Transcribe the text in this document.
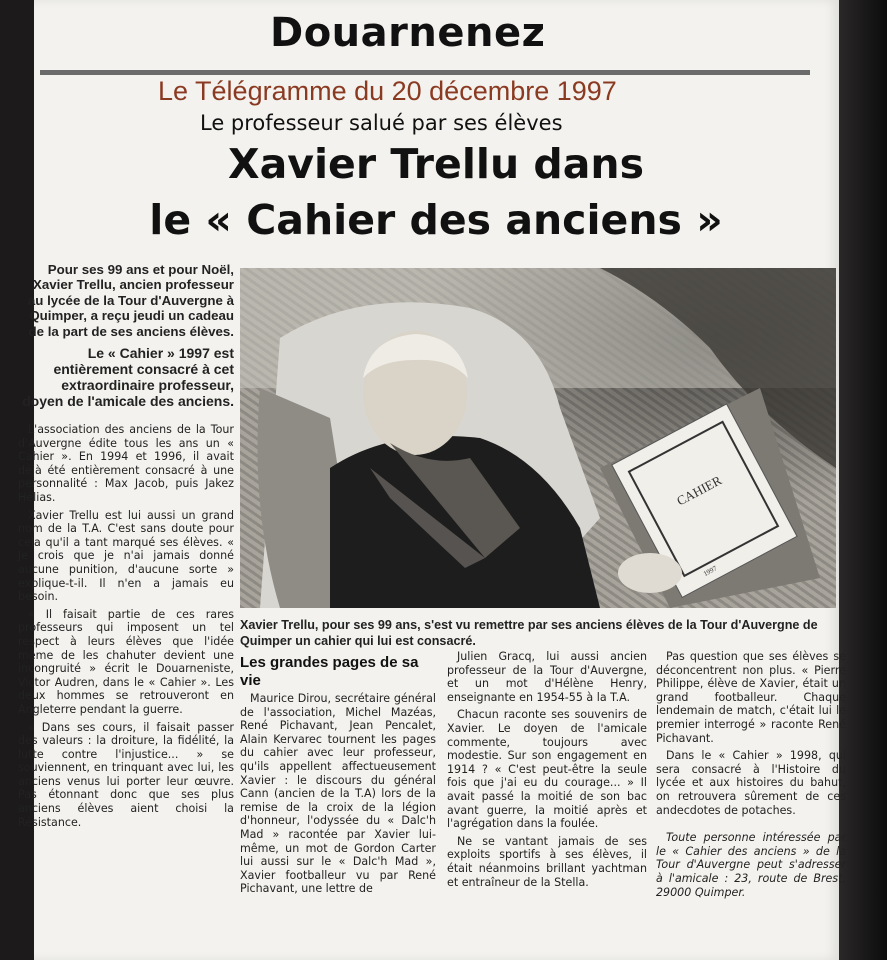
Douarnenez
Le Télégramme du 20 décembre 1997
Le professeur salué par ses élèves
Xavier Trellu dans
le « Cahier des anciens »

Pour ses 99 ans et pour Noël, Xavier Trellu, ancien professeur au lycée de la Tour d'Auvergne à Quimper, a reçu jeudi un cadeau de la part de ses anciens élèves.

Le « Cahier » 1997 est entièrement consacré à cet extraordinaire professeur, doyen de l'amicale des anciens.

L'association des anciens de la Tour d'Auvergne édite tous les ans un « Cahier ». En 1994 et 1996, il avait déjà été entièrement consacré à une personnalité : Max Jacob, puis Jakez Hélias.

Xavier Trellu est lui aussi un grand nom de la T.A. C'est sans doute pour cela qu'il a tant marqué ses élèves. « Je crois que je n'ai jamais donné aucune punition, d'aucune sorte » explique-t-il. Il n'en a jamais eu besoin.

« Il faisait partie de ces rares professeurs qui imposent un tel respect à leurs élèves que l'idée même de les chahuter devient une incongruité » écrit le Douarneniste, Victor Audren, dans le « Cahier ». Les deux hommes se retrouveront en Angleterre pendant la guerre.

« Dans ses cours, il faisait passer des valeurs : la droiture, la fidélité, la lutte contre l'injustice... » se souviennent, en trinquant avec lui, les anciens venus lui porter leur œuvre. Pas étonnant donc que ses plus anciens élèves aient choisi la Résistance.

CAHIER
1997
Xavier Trellu, pour ses 99 ans, s'est vu remettre par ses anciens élèves de la Tour d'Auvergne de Quimper un cahier qui lui est consacré.
Les grandes pages de sa vie

Maurice Dirou, secrétaire général de l'association, Michel Mazéas, René Pichavant, Jean Pencalet, Alain Kervarec tournent les pages du cahier avec leur professeur, qu'ils appellent affectueusement Xavier : le discours du général Cann (ancien de la T.A) lors de la remise de la croix de la légion d'honneur, l'odyssée du « Dalc'h Mad » racontée par Xavier lui-même, un mot de Gordon Carter lui aussi sur le « Dalc'h Mad », Xavier footballeur vu par René Pichavant, une lettre de

Julien Gracq, lui aussi ancien professeur de la Tour d'Auvergne, et un mot d'Hélène Henry, enseignante en 1954-55 à la T.A.

Chacun raconte ses souvenirs de Xavier. Le doyen de l'amicale commente, toujours avec modestie. Sur son engagement en 1914 ? « C'est peut-être la seule fois que j'ai eu du courage... » Il avait passé la moitié de son bac avant guerre, la moitié après et l'agrégation dans la foulée.

Ne se vantant jamais de ses exploits sportifs à ses élèves, il était néanmoins brillant yachtman et entraîneur de la Stella.

Pas question que ses élèves se déconcentrent non plus. « Pierre Philippe, élève de Xavier, était un grand footballeur. Chaque lendemain de match, c'était lui le premier interrogé » raconte René Pichavant.

Dans le « Cahier » 1998, qui sera consacré à l'Histoire du lycée et aux histoires du bahut, on retrouvera sûrement de ces andecdotes de potaches.

Toute personne intéressée par le « Cahier des anciens » de la Tour d'Auvergne peut s'adresser à l'amicale : 23, route de Brest, 29000 Quimper.
